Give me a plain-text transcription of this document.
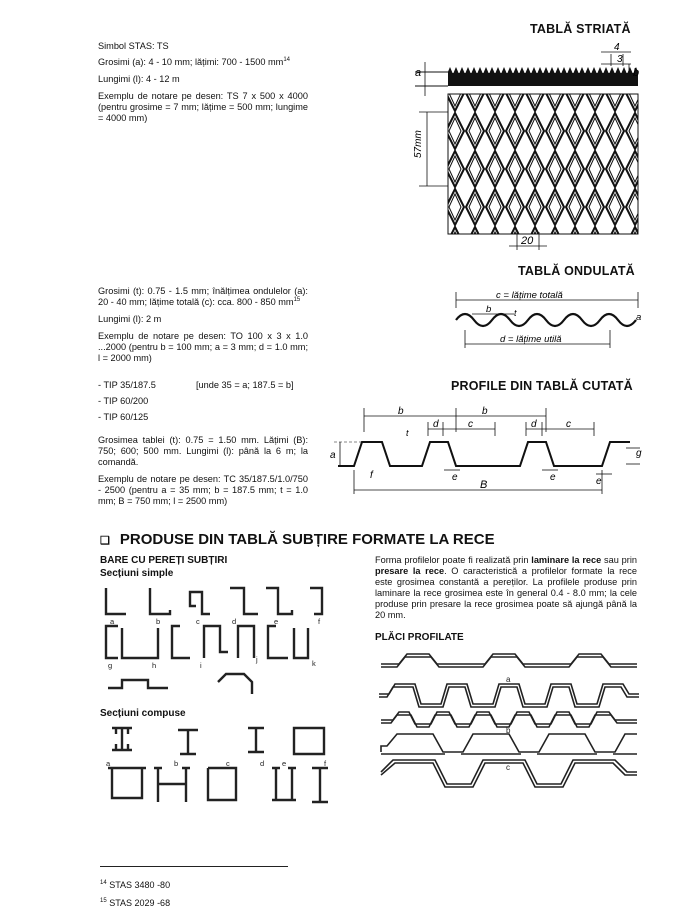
TABLĂ STRIATĂ
Simbol STAS: TS
Grosimi (a): 4 - 10 mm; lățimi: 700 - 1500 $mm^{14}$
Lungimi (l): 4 - 12 m
Exemplu de notare pe desen: TS 7 x 500 x 4000 (pentru grosime = 7 mm; lățime = 500 mm; lungime = 4000 mm)
a	b
4
3
57mm
20
TABLĂ ONDULATĂ
Grosimi (t): 0.75 - 1.5 mm; înălțimea ondulelor (a): 20 - 40 mm; lățime totală (c): cca. 800 - 850 $mm^{15}$
Lungimi (l): 2 m
Exemplu de notare pe desen: TO 100 x 3 x 1.0 ...2000 (pentru b = 100 mm; a = 3 mm; d = 1.0 mm; l = 2000 mm)
c = lățime totală
b	t	a
d = lățime utilă
PROFILE DIN TABLĂ CUTATĂ
- TIP 35/187.5	[unde 35 = a; 187.5 = b]
- TIP 60/200
- TIP 60/125
Grosimea tablei (t): 0.75 = 1.50 mm. Lățimi (B): 750; 600; 500 mm. Lungimi (l): până la 6 m; la comandă.
Exemplu de notare pe desen: TC 35/187.5/1.0/750 - 2500 (pentru a = 35 mm; b = 187.5 mm; t = 1.0 mm; B = 750 mm; l = 2500 mm)
b	b
d	c	d	c
t
a
f	e	e	e
g
B
❑ PRODUSE DIN TABLĂ SUBȚIRE FORMATE LA RECE
BARE CU PEREȚI SUBȚIRI
Secțiuni simple
a	b	c	d	e	f
g	h	i
j	k
Secțiuni compuse
a	b	c	d e	f
Forma profilelor poate fi realizată prin laminare la rece sau prin presare la rece. O caracteristică a profilelor formate la rece este grosimea constantă a pereților. La profilele produse prin laminare la rece grosimea este în general 0.4 - 8.0 mm; la cele produse prin presare la rece grosimea poate să ajungă până la 20 mm.
PLĂCI PROFILATE
a
b
c
$^{14}$ STAS 3480 -80
$^{15}$ STAS 2029 -68
